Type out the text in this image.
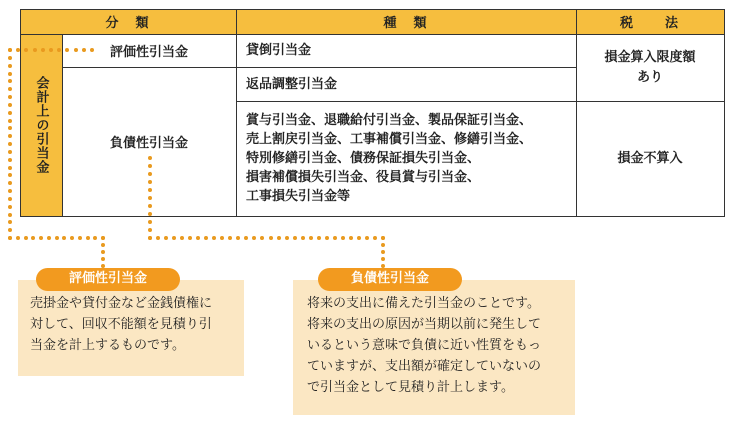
分　類	種　類	税　　法
会計上の引当金
評価性引当金
負債性引当金
貸倒引当金
返品調整引当金
賞与引当金、退職給付引当金、製品保証引当金、
売上割戻引当金、工事補償引当金、修繕引当金、
特別修繕引当金、債務保証損失引当金、
損害補償損失引当金、役員賞与引当金、
工事損失引当金等
損金算入限度額
あり
損金不算入
売掛金や貸付金など金銭債権に
対して、回収不能額を見積り引
当金を計上するものです。
評価性引当金
将来の支出に備えた引当金のことです。
将来の支出の原因が当期以前に発生して
いるという意味で負債に近い性質をもっ
ていますが、支出額が確定していないの
で引当金として見積り計上します。
負債性引当金
